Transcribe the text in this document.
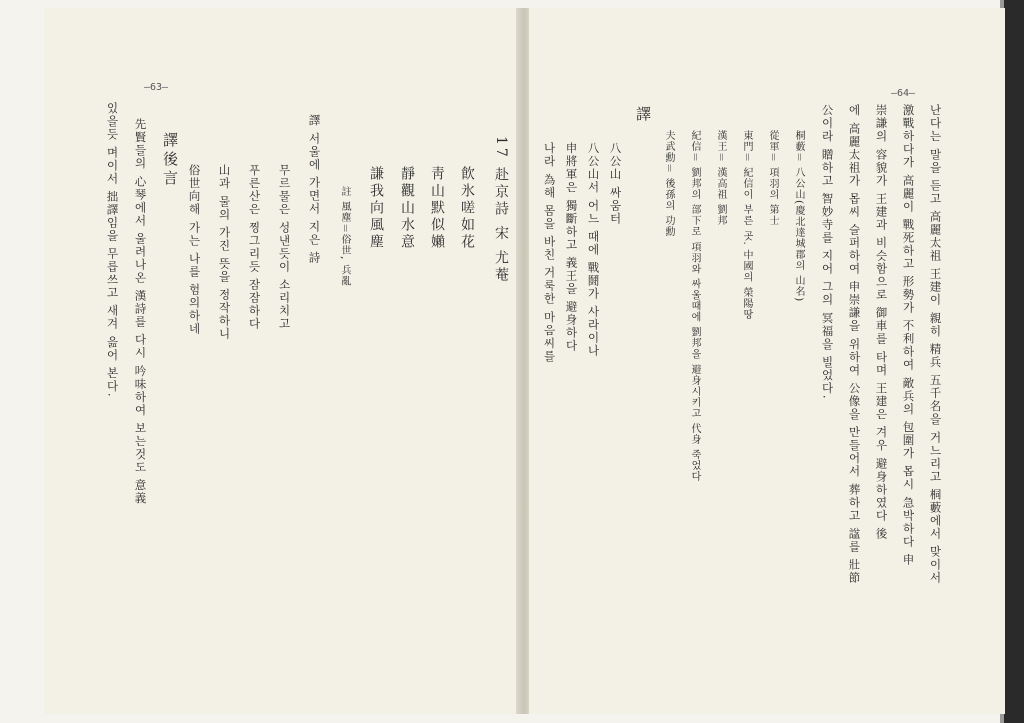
—63—
17 赴京詩 宋 尤菴
飮氷嗟如花
靑山默似嬾
靜觀山水意
謙我向風塵
註 風塵＝俗世, 兵亂
譯 서울에 가면서 지은 詩
무르물은 성낸듯이 소리치고
푸른산은 찡그리듯 잠잠하다
山과 물의 가진 뜻을 정작하니
俗世向해 가는 나를 험의하네
譯後言
先賢들의 心琴에서 울려나온 漢詩를 다시 吟味하여 보는것도 意義
있을듯 며이서 拙譯임을 무릅쓰고 새겨 읊어 본다.
—64—
난다는 말을 듣고 高麗太祖 王建이 親히 精兵 五千名을 거느리고 桐藪에서 맞이서
激戰하다가 高麗이 戰死하고 形勢가 不利하여 敵兵의 包圍가 몹시 急박하다 申
崇謙의 容貌가 王建과 비슷함으로 御車를 타며 王建은 겨우 避身하였다 後
에 高麗太祖가 몹씨 슬퍼하여 申崇謙을 위하여 公像을 만들어서 葬하고 諡를 壯節
公이라 贈하고 智妙寺를 지어 그의 冥福을 빌었다.
桐藪＝ 八公山(慶北達城郡의 山名)
從軍＝ 項羽의 第士
東門＝ 紀信이 부른 곳. 中國의 榮陽땅
漢王＝ 漢高祖 劉邦
紀信＝ 劉邦의 部下로 項羽와 싸울때에 劉邦을 避身시키고 代身 죽었다
夫武勳＝ 後孫의 功勳
譯
八公山 싸움터
八公山서 어느 때에 戰鬪가 사라이나
申將軍은 獨斷하고 義王을 避身하다
나라 為해 몸을 바친 거룩한 마음씨를
